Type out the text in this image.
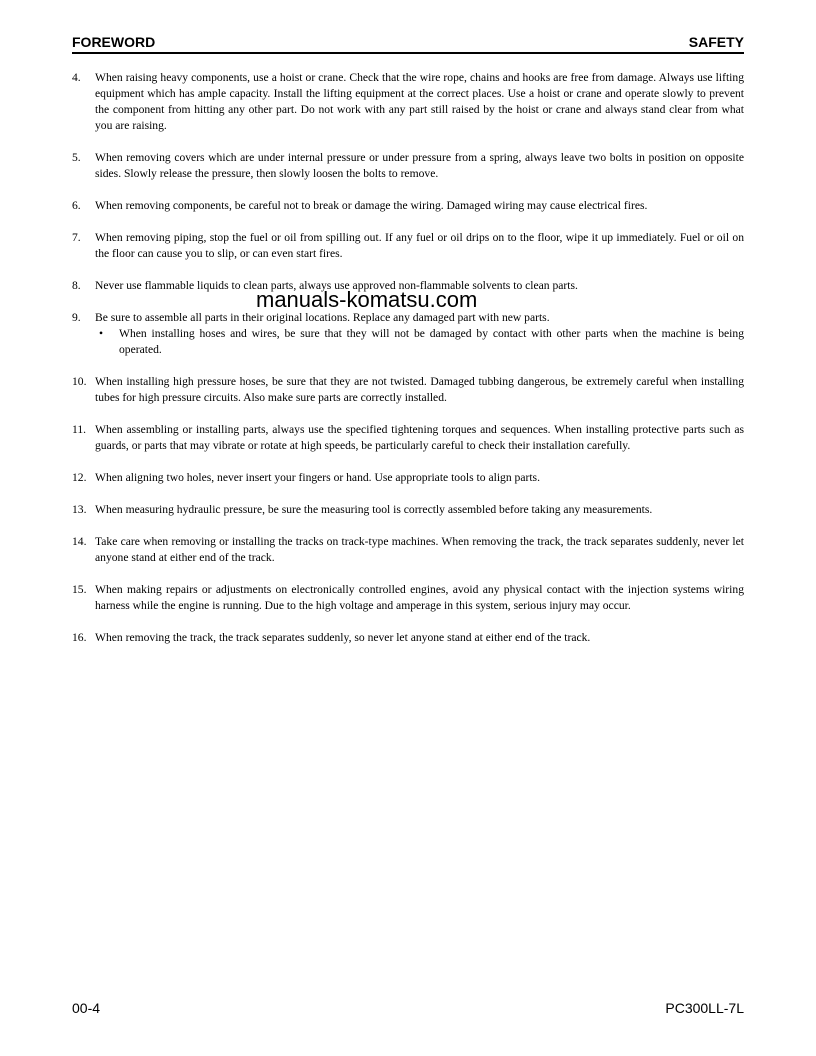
FOREWORD	SAFETY
4. When raising heavy components, use a hoist or crane. Check that the wire rope, chains and hooks are free from damage. Always use lifting equipment which has ample capacity. Install the lifting equipment at the correct places. Use a hoist or crane and operate slowly to prevent the component from hitting any other part. Do not work with any part still raised by the hoist or crane and always stand clear from what you are raising.
5. When removing covers which are under internal pressure or under pressure from a spring, always leave two bolts in position on opposite sides. Slowly release the pressure, then slowly loosen the bolts to remove.
6. When removing components, be careful not to break or damage the wiring. Damaged wiring may cause electrical fires.
7. When removing piping, stop the fuel or oil from spilling out. If any fuel or oil drips on to the floor, wipe it up immediately. Fuel or oil on the floor can cause you to slip, or can even start fires.
8. Never use flammable liquids to clean parts, always use approved non-flammable solvents to clean parts.
9. Be sure to assemble all parts in their original locations. Replace any damaged part with new parts.
• When installing hoses and wires, be sure that they will not be damaged by contact with other parts when the machine is being operated.
10. When installing high pressure hoses, be sure that they are not twisted. Damaged tubbing dangerous, be extremely careful when installing tubes for high pressure circuits. Also make sure parts are correctly installed.
11. When assembling or installing parts, always use the specified tightening torques and sequences. When installing protective parts such as guards, or parts that may vibrate or rotate at high speeds, be particularly careful to check their installation carefully.
12. When aligning two holes, never insert your fingers or hand. Use appropriate tools to align parts.
13. When measuring hydraulic pressure, be sure the measuring tool is correctly assembled before taking any measurements.
14. Take care when removing or installing the tracks on track-type machines. When removing the track, the track separates suddenly, never let anyone stand at either end of the track.
15. When making repairs or adjustments on electronically controlled engines, avoid any physical contact with the injection systems wiring harness while the engine is running. Due to the high voltage and amperage in this system, serious injury may occur.
16. When removing the track, the track separates suddenly, so never let anyone stand at either end of the track.
manuals-komatsu.com
00-4	PC300LL-7L
